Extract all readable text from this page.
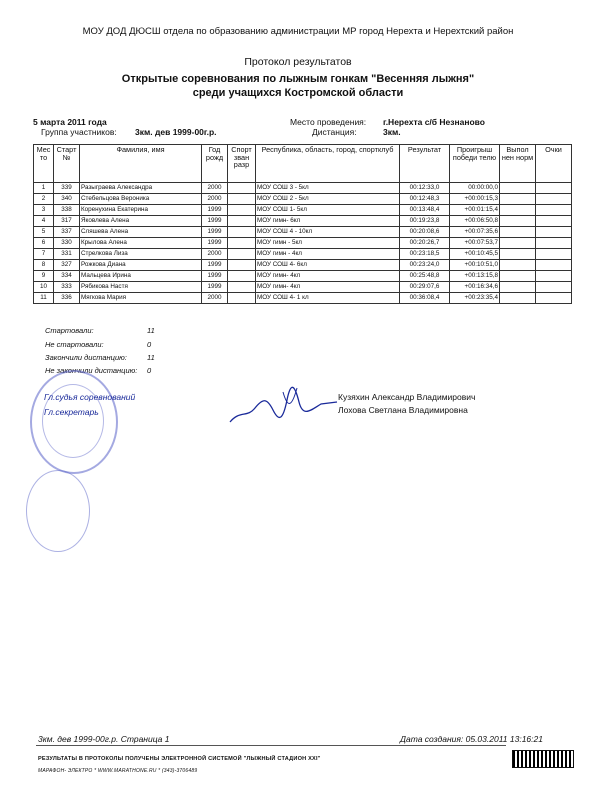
МОУ ДОД ДЮСШ отдела по образованию администрации МР город Нерехта и Нерехтский район
Протокол результатов
Открытые соревнования по лыжным гонкам "Весенняя лыжня"
среди учащихся Костромской области
5 марта 2011 года
Группа участников: 3км. дев 1999-00г.р.
Место проведения: г.Нерехта с/б Незнаново
Дистанция:	3км.
Мес то	Старт №	Фамилия, имя	Год рожд	Спорт зван разр	Республика, область, город, спортклуб	Результат	Проигрыш победи телю	Выпол нен норм	Очки
1	339	Разыграева Александра	2000		МОУ СОШ 3 - 5кл	00:12:33,0	00:00:00,0		
2	340	Стебельцова Вероника	2000		МОУ СОШ 2 - 5кл	00:12:48,3	+00:00:15,3		
3	338	Коренухина Екатерина	1999		МОУ СОШ 1- 5кл	00:13:48,4	+00:01:15,4		
4	317	Яковлева Алена	1999		МОУ гимн- 6кл	00:19:23,8	+00:06:50,8		
5	337	Сляшева Алена	1999		МОУ СОШ 4 - 10кл	00:20:08,6	+00:07:35,6		
6	330	Крылова Алена	1999		МОУ гимн - 5кл	00:20:26,7	+00:07:53,7		
7	331	Стрелкова Лиза	2000		МОУ гимн - 4кл	00:23:18,5	+00:10:45,5		
8	327	Рожкова Диана	1999		МОУ СОШ 4- 6кл	00:23:24,0	+00:10:51,0		
9	334	Мальцева Ирина	1999		МОУ гимн- 4кл	00:25:48,8	+00:13:15,8		
10	333	Рябикова Настя	1999		МОУ гимн- 4кл	00:29:07,6	+00:16:34,6		
11	336	Мягкова Мария	2000		МОУ СОШ 4- 1 кл	00:36:08,4	+00:23:35,4		
Стартовали:	11
Не стартовали:	0
Закончили дистанцию:	11
Не закончили дистанцию: 0
Гл.судья соревнований
Гл.секретарь
Кузяхин Александр Владимирович
Лохова Светлана Владимировна
3км. дев 1999-00г.р. Страница 1	Дата создания: 05.03.2011 13:16:21
РЕЗУЛЬТАТЫ В ПРОТОКОЛЫ ПОЛУЧЕНЫ ЭЛЕКТРОННОЙ СИСТЕМОЙ "ЛЫЖНЫЙ СТАДИОН XXI"
МАРАФОН- ЭЛЕКТРО * WWW.MARATHONE.RU * (343)-3706489
